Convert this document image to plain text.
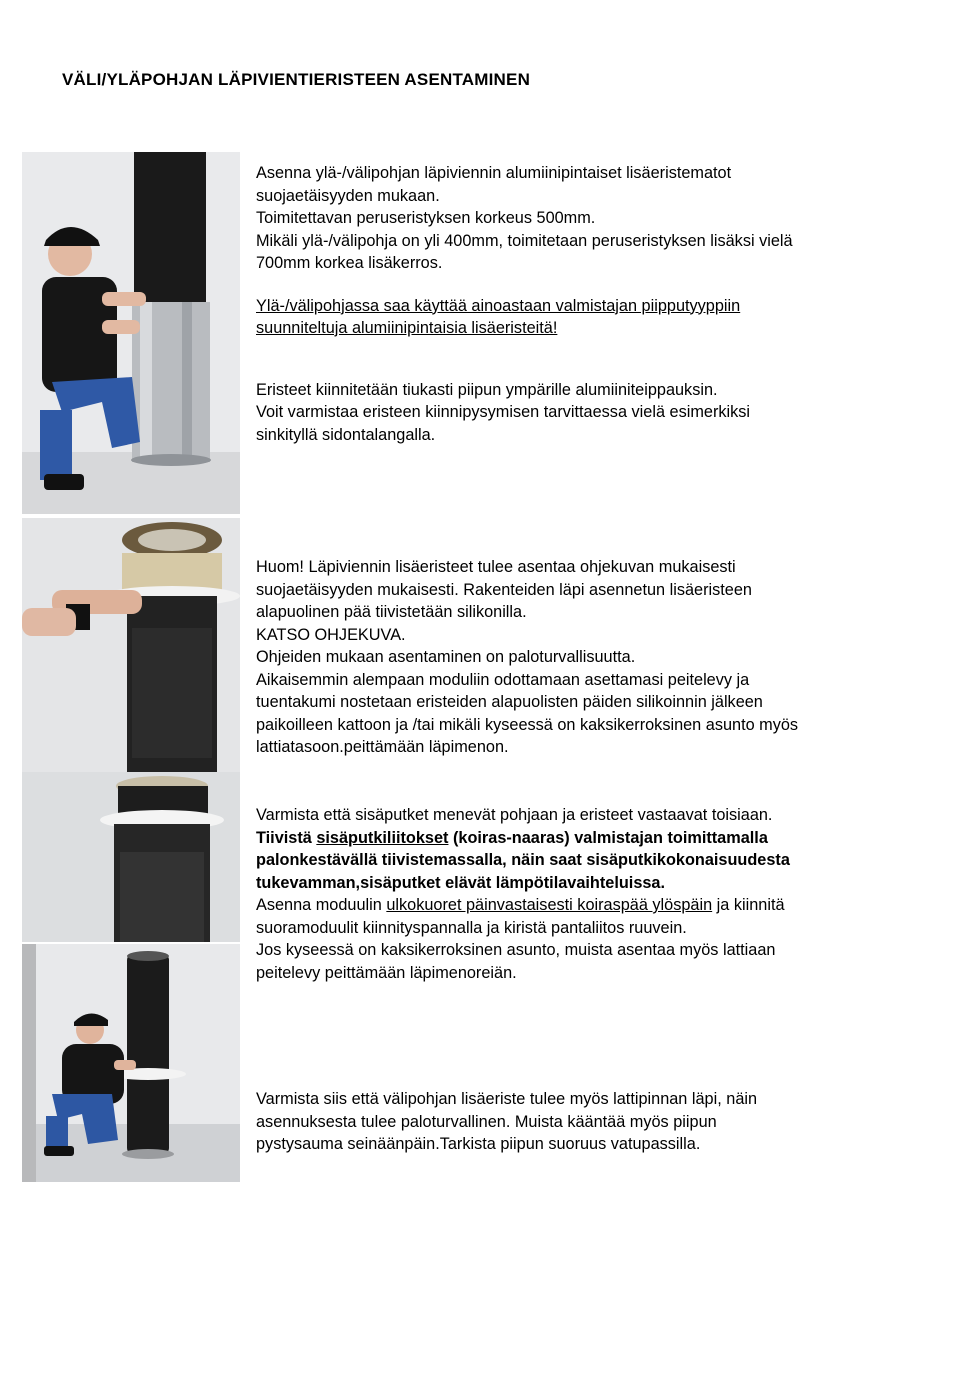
VÄLI/YLÄPOHJAN LÄPIVIENTIERISTEEN ASENTAMINEN

Asenna ylä-/välipohjan läpiviennin alumiinipintaiset lisäeristematot

suojaetäisyyden mukaan.

Toimitettavan peruseristyksen korkeus 500mm.

Mikäli ylä-/välipohja on yli 400mm, toimitetaan peruseristyksen lisäksi vielä

700mm korkea lisäkerros.

Ylä-/välipohjassa saa käyttää ainoastaan valmistajan piipputyyppiin

suunniteltuja alumiinipintaisia lisäeristeitä!

Eristeet kiinnitetään tiukasti piipun ympärille alumiiniteippauksin.

Voit varmistaa eristeen kiinnipysymisen tarvittaessa vielä esimerkiksi

sinkityllä sidontalangalla.

Huom! Läpiviennin lisäeristeet tulee asentaa ohjekuvan mukaisesti

suojaetäisyyden mukaisesti. Rakenteiden läpi asennetun lisäeristeen

alapuolinen pää tiivistetään silikonilla.

KATSO OHJEKUVA.

Ohjeiden mukaan asentaminen on paloturvallisuutta.

Aikaisemmin alempaan moduliin odottamaan asettamasi peitelevy ja

tuentakumi nostetaan eristeiden alapuolisten päiden silikoinnin jälkeen

paikoilleen kattoon ja /tai mikäli kyseessä on kaksikerroksinen asunto myös

lattiatasoon.peittämään läpimenon.

Varmista että sisäputket menevät pohjaan ja eristeet vastaavat toisiaan.

Tiivistä sisäputkiliitokset (koiras-naaras) valmistajan toimittamalla

palonkestävällä tiivistemassalla, näin saat sisäputkikokonaisuudesta

tukevamman,sisäputket elävät lämpötilavaihteluissa.

Asenna moduulin ulkokuoret päinvastaisesti koiraspää ylöspäin ja kiinnitä

suoramoduulit kiinnityspannalla ja kiristä pantaliitos ruuvein.

Jos kyseessä on kaksikerroksinen asunto, muista asentaa myös lattiaan

peitelevy peittämään läpimenoreiän.

Varmista siis että välipohjan lisäeriste tulee myös lattipinnan läpi, näin

asennuksesta tulee paloturvallinen. Muista kääntää myös piipun

pystysauma seinäänpäin.Tarkista piipun suoruus vatupassilla.
